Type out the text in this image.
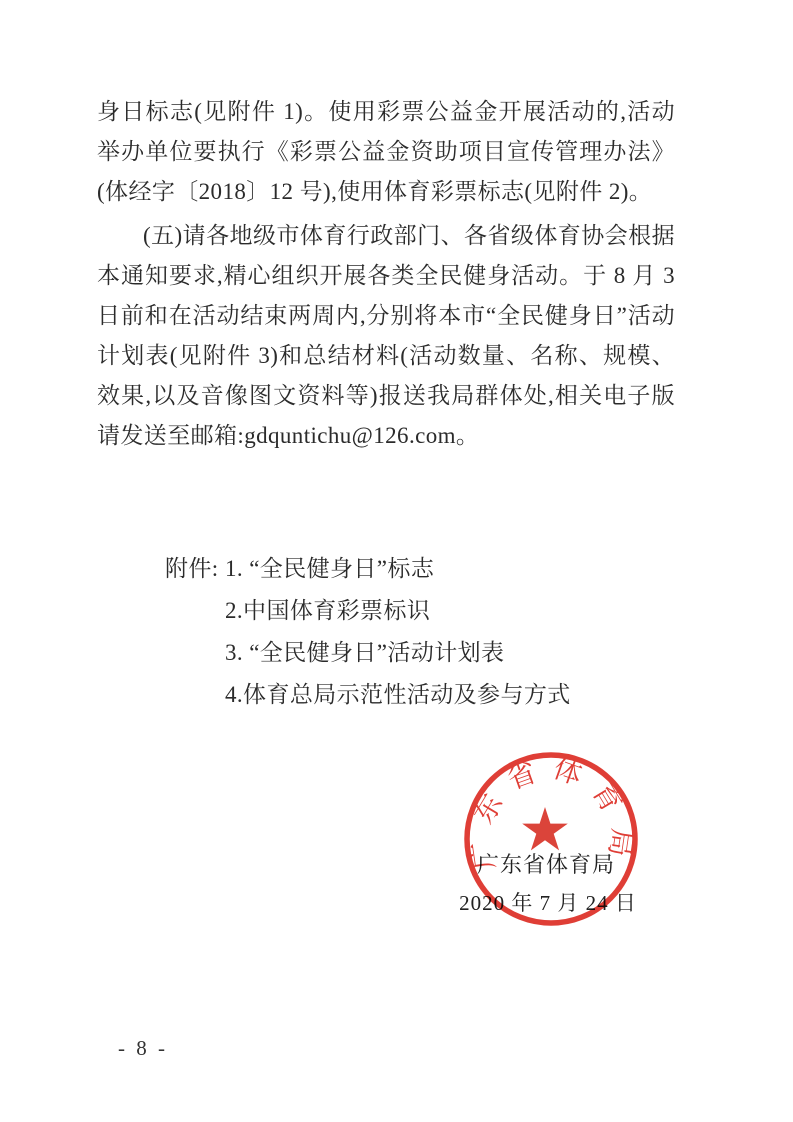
身日标志(见附件 1)。使用彩票公益金开展活动的,活动举办单位要执行《彩票公益金资助项目宣传管理办法》(体经字〔2018〕12 号),使用体育彩票标志(见附件 2)。

(五)请各地级市体育行政部门、各省级体育协会根据本通知要求,精心组织开展各类全民健身活动。于 8 月 3 日前和在活动结束两周内,分别将本市“全民健身日”活动计划表(见附件 3)和总结材料(活动数量、名称、规模、效果,以及音像图文资料等)报送我局群体处,相关电子版请发送至邮箱:gdquntichu@126.com。

附件: 1. “全民健身日”标志
2.中国体育彩票标识
3. “全民健身日”活动计划表
4.体育总局示范性活动及参与方式
广东省体育局
2020 年 7 月 24 日
广东省体育局
- 8 -
